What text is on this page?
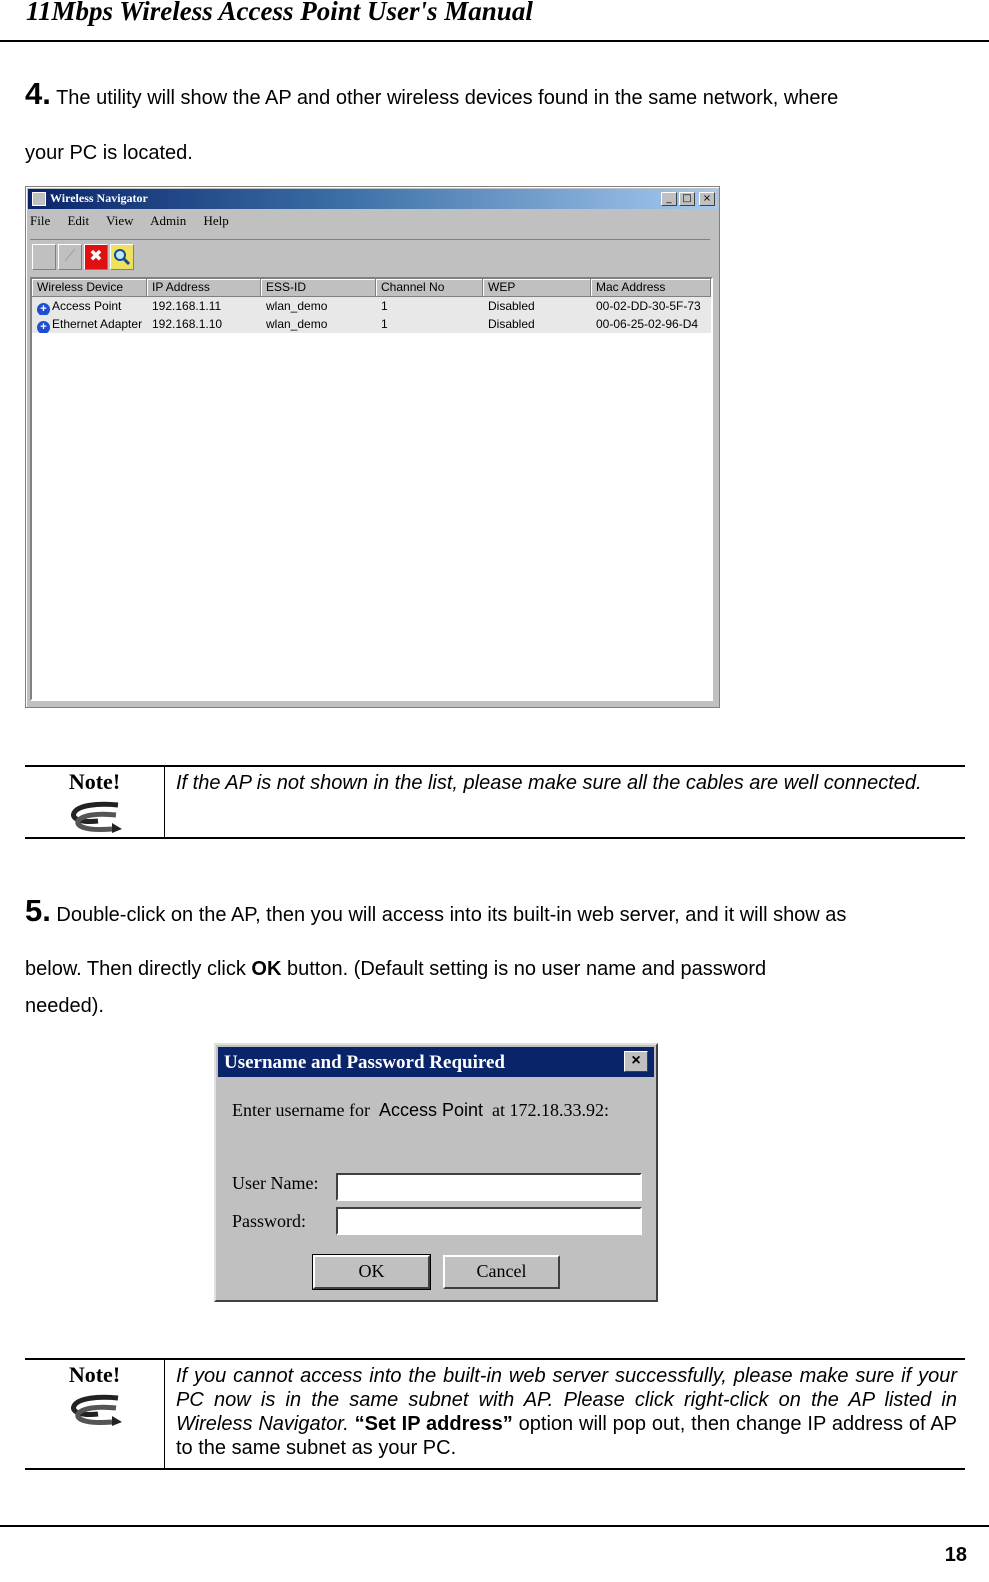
11Mbps Wireless Access Point User's Manual
4. The utility will show the AP and other wireless devices found in the same network, where
your PC is located.
Wireless Navigator	_	□	×
File Edit View Admin Help
⟋ ✖
Wireless Device	IP Address	ESS-ID	Channel No	WEP	Mac Address
+ Access Point	192.168.1.11	wlan_demo	1	Disabled	00-02-DD-30-5F-73
+ Ethernet Adapter 192.168.1.10	wlan_demo	1	Disabled	00-06-25-02-96-D4
Note!	If the AP is not shown in the list, please make sure all the cables are well connected.
5. Double-click on the AP, then you will access into its built-in web server, and it will show as
below. Then directly click OK button. (Default setting is no user name and password
needed).
Username and Password Required	×
Enter username for Access Point at 172.18.33.92:
User Name:
Password:
OK	Cancel
Note!	If you cannot access into the built-in web server successfully, please make sure if your PC now is in the same subnet with AP. Please click right-click on the AP listed in Wireless Navigator. “Set IP address” option will pop out, then change IP address of AP to the same subnet as your PC.
18
